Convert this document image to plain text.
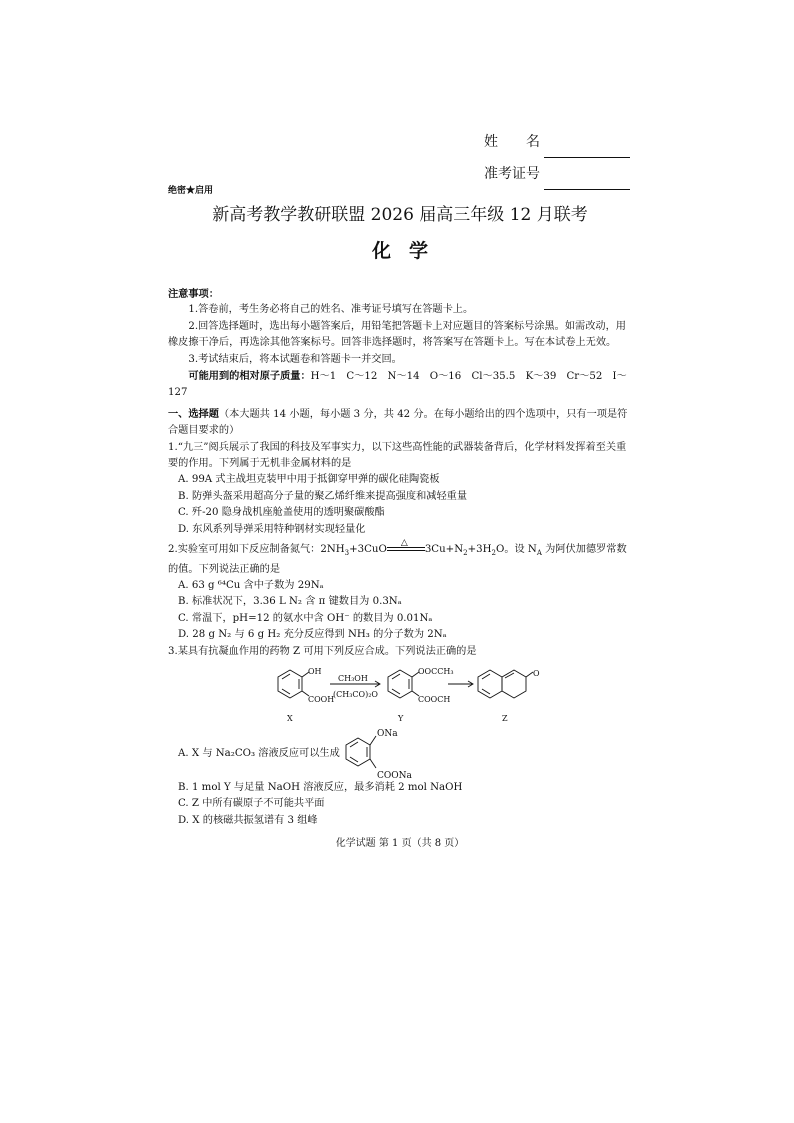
姓　　名
准考证号
绝密★启用
新高考教学教研联盟 2026 届高三年级 12 月联考
化学

注意事项：

1.答卷前，考生务必将自己的姓名、准考证号填写在答题卡上。

2.回答选择题时，选出每小题答案后，用铅笔把答题卡上对应题目的答案标号涂黑。如需改动，用橡皮擦干净后，再选涂其他答案标号。回答非选择题时，将答案写在答题卡上。写在本试卷上无效。

3.考试结束后，将本试题卷和答题卡一并交回。

可能用到的相对原子质量：H～1　C～12　N～14　O～16　Cl～35.5　K～39　Cr～52　I～127

一、选择题（本大题共 14 小题，每小题 3 分，共 42 分。在每小题给出的四个选项中，只有一项是符合题目要求的）

1.“九三”阅兵展示了我国的科技及军事实力，以下这些高性能的武器装备背后，化学材料发挥着至关重要的作用。下列属于无机非金属材料的是

A. 99A 式主战坦克装甲中用于抵御穿甲弹的碳化硅陶瓷板

B. 防弹头盔采用超高分子量的聚乙烯纤维来提高强度和减轻重量

C. 歼-20 隐身战机座舱盖使用的透明聚碳酸酯

D. 东风系列导弹采用特种钢材实现轻量化

2.实验室可用如下反应制备氮气：$2NH_3+3CuO$
△
$3Cu+N_2+3H_2O$。设 $N_A$ 为阿伏加德罗常数的值。下列说法正确的是

A. 63 g ⁶⁴Cu 含中子数为 29Nₐ

B. 标准状况下，3.36 L N₂ 含 π 键数目为 0.3Nₐ

C. 常温下，pH=12 的氨水中含 OH⁻ 的数目为 0.01Nₐ

D. 28 g N₂ 与 6 g H₂ 充分反应得到 NH₃ 的分子数为 2Nₐ

3.某具有抗凝血作用的药物 Z 可用下列反应合成。下列说法正确的是

OH
COOH
CH₃OH
(CH₃CO)₂O
OOCCH₃
COOCH
O
X	Y	Z
A. X 与 Na₂CO₃ 溶液反应可以生成
ONa
COONa

B. 1 mol Y 与足量 NaOH 溶液反应，最多消耗 2 mol NaOH

C. Z 中所有碳原子不可能共平面

D. X 的核磁共振氢谱有 3 组峰

化学试题 第 1 页（共 8 页）
